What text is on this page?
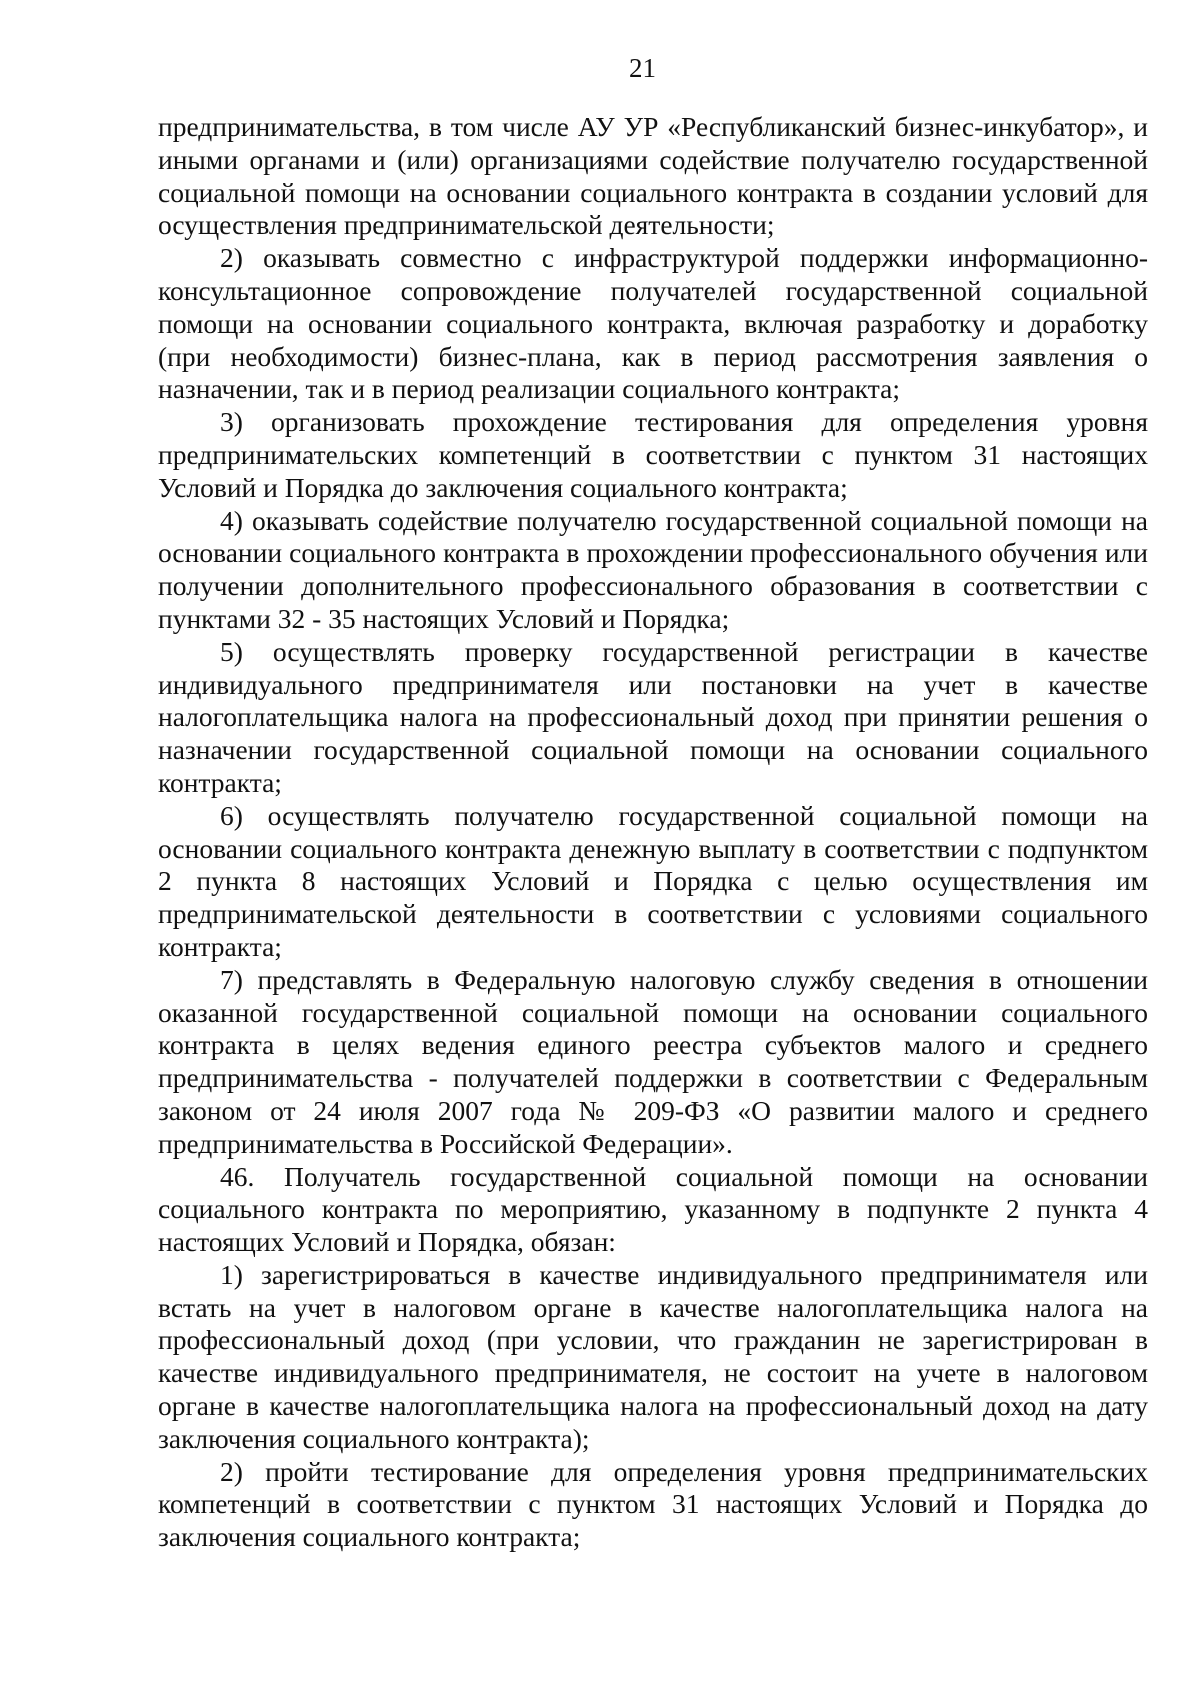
21

предпринимательства, в том числе АУ УР «Республиканский бизнес-инкубатор», и иными органами и (или) организациями содействие получателю государственной социальной помощи на основании социального контракта в создании условий для осуществления предпринимательской деятельности;

2) оказывать совместно с инфраструктурой поддержки информационно-консультационное сопровождение получателей государственной социальной помощи на основании социального контракта, включая разработку и доработку (при необходимости) бизнес-плана, как в период рассмотрения заявления о назначении, так и в период реализации социального контракта;

3) организовать прохождение тестирования для определения уровня предпринимательских компетенций в соответствии с пунктом 31 настоящих Условий и Порядка до заключения социального контракта;

4) оказывать содействие получателю государственной социальной помощи на основании социального контракта в прохождении профессионального обучения или получении дополнительного профессионального образования в соответствии с пунктами 32 - 35 настоящих Условий и Порядка;

5) осуществлять проверку государственной регистрации в качестве индивидуального предпринимателя или постановки на учет в качестве налогоплательщика налога на профессиональный доход при принятии решения о назначении государственной социальной помощи на основании социального контракта;

6) осуществлять получателю государственной социальной помощи на основании социального контракта денежную выплату в соответствии с подпунктом 2 пункта 8 настоящих Условий и Порядка с целью осуществления им предпринимательской деятельности в соответствии с условиями социального контракта;

7) представлять в Федеральную налоговую службу сведения в отношении оказанной государственной социальной помощи на основании социального контракта в целях ведения единого реестра субъектов малого и среднего предпринимательства - получателей поддержки в соответствии с Федеральным законом от 24 июля 2007 года № 209-ФЗ «О развитии малого и среднего предпринимательства в Российской Федерации».

46. Получатель государственной социальной помощи на основании социального контракта по мероприятию, указанному в подпункте 2 пункта 4 настоящих Условий и Порядка, обязан:

1) зарегистрироваться в качестве индивидуального предпринимателя или встать на учет в налоговом органе в качестве налогоплательщика налога на профессиональный доход (при условии, что гражданин не зарегистрирован в качестве индивидуального предпринимателя, не состоит на учете в налоговом органе в качестве налогоплательщика налога на профессиональный доход на дату заключения социального контракта);

2) пройти тестирование для определения уровня предпринимательских компетенций в соответствии с пунктом 31 настоящих Условий и Порядка до заключения социального контракта;
